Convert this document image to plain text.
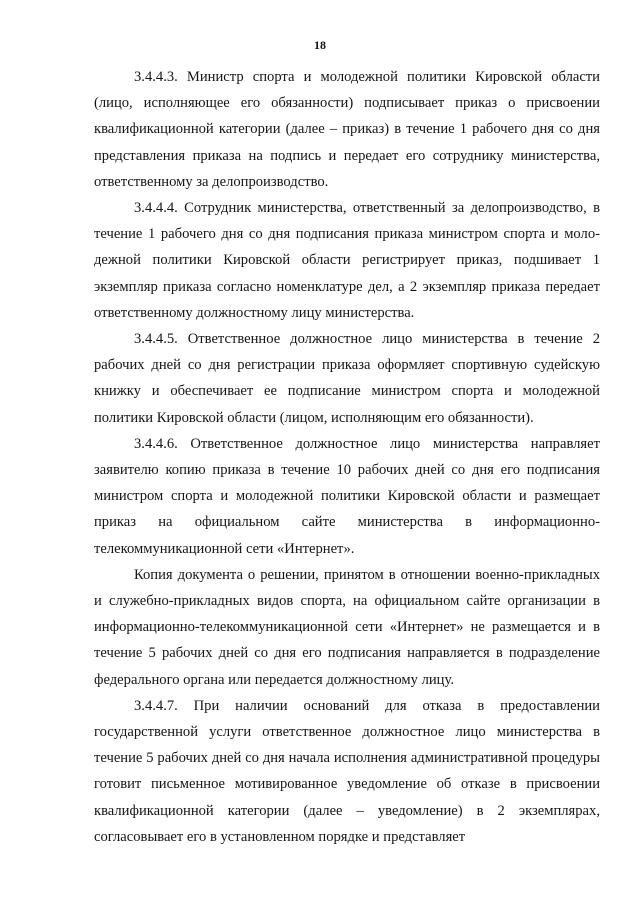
18

3.4.4.3. Министр спорта и молодежной политики Кировской области (лицо, исполняющее его обязанности) подписывает приказ о присвоении квалификационной категории (далее – приказ) в течение 1 рабочего дня со дня представления приказа на подпись и передает его сотруднику министерства, ответственному за делопроизводство.

3.4.4.4. Сотрудник министерства, ответственный за делопроизводство, в течение 1 рабочего дня со дня подписания приказа министром спорта и молодежной политики Кировской области регистрирует приказ, подшивает 1 экземпляр приказа согласно номенклатуре дел, а 2 экземпляр приказа передает ответственному должностному лицу министерства.

3.4.4.5. Ответственное должностное лицо министерства в течение 2 рабочих дней со дня регистрации приказа оформляет спортивную судейскую книжку и обеспечивает ее подписание министром спорта и молодежной политики Кировской области (лицом, исполняющим его обязанности).

3.4.4.6. Ответственное должностное лицо министерства направляет заявителю копию приказа в течение 10 рабочих дней со дня его подписания министром спорта и молодежной политики Кировской области и размещает приказ на официальном сайте министерства в информационно-телекоммуникационной сети «Интернет».

Копия документа о решении, принятом в отношении военно-прикладных и служебно-прикладных видов спорта, на официальном сайте организации в информационно-телекоммуникационной сети «Интернет» не размещается и в течение 5 рабочих дней со дня его подписания направляется в подразделение федерального органа или передается должностному лицу.

3.4.4.7. При наличии оснований для отказа в предоставлении государственной услуги ответственное должностное лицо министерства в течение 5 рабочих дней со дня начала исполнения административной процедуры готовит письменное мотивированное уведомление об отказе в присвоении квалификационной категории (далее – уведомление) в 2 экземплярах, согласовывает его в установленном порядке и представляет
